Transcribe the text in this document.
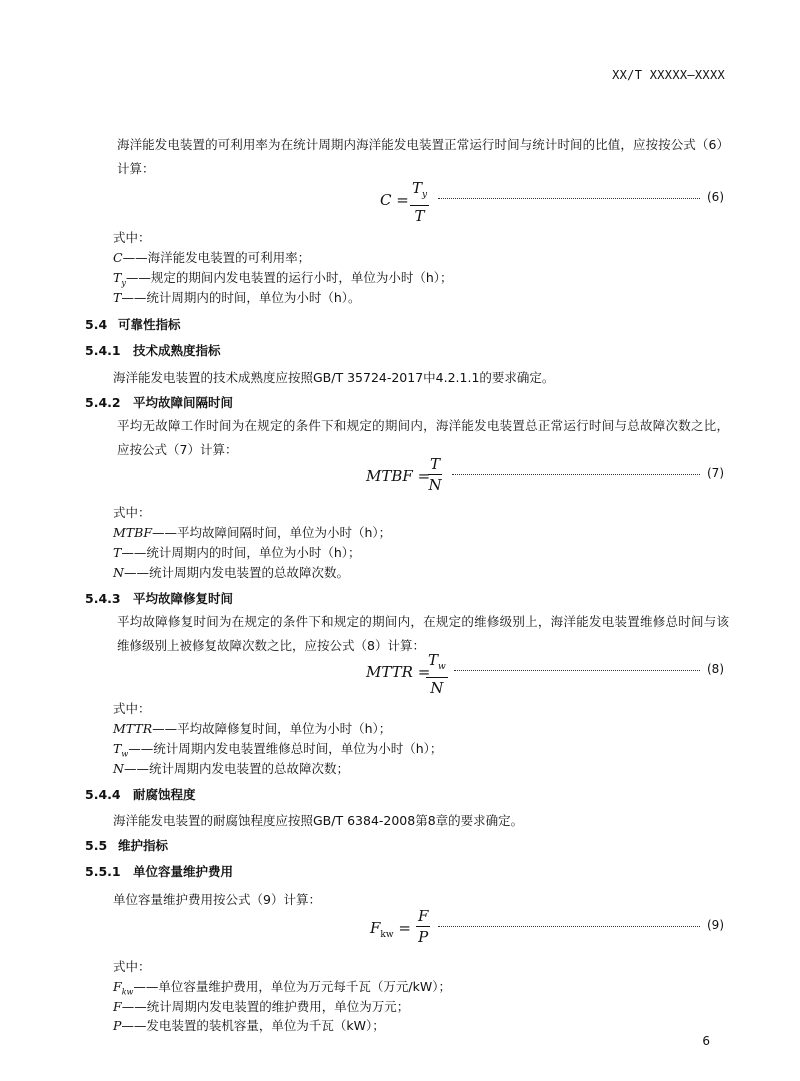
XX/T XXXXX—XXXX
海洋能发电装置的可利用率为在统计周期内海洋能发电装置正常运行时间与统计时间的比值，应按按公式（6）计算：
$C = \frac{T_y}{T}$	(6)
式中：
C——海洋能发电装置的可利用率；
$T_y——$规定的期间内发电装置的运行小时，单位为小时（h）；
T——统计周期内的时间，单位为小时（h）。
5.4 可靠性指标
5.4.1 技术成熟度指标
海洋能发电装置的技术成熟度应按照GB/T 35724-2017中4.2.1.1的要求确定。
5.4.2 平均故障间隔时间
平均无故障工作时间为在规定的条件下和规定的期间内，海洋能发电装置总正常运行时间与总故障次数之比，应按公式（7）计算：
MTBF =
$\frac{T}{N}$	(7)
式中：
MTBF——平均故障间隔时间，单位为小时（h）；
T——统计周期内的时间，单位为小时（h）；
N——统计周期内发电装置的总故障次数。
5.4.3 平均故障修复时间
平均故障修复时间为在规定的条件下和规定的期间内，在规定的维修级别上，海洋能发电装置维修总时间与该维修级别上被修复故障次数之比，应按公式（8）计算：
MTTR =
$\frac{T_w}{N}$	(8)
式中：
MTTR——平均故障修复时间，单位为小时（h）；
$T_w——$统计周期内发电装置维修总时间，单位为小时（h）；
N——统计周期内发电装置的总故障次数；
5.4.4 耐腐蚀程度
海洋能发电装置的耐腐蚀程度应按照GB/T 6384-2008第8章的要求确定。
5.5 维护指标
5.5.1 单位容量维护费用
单位容量维护费用按公式（9）计算：
$F_{kw} = \frac{F}{P}$	(9)
式中：
$F_{kw}——$单位容量维护费用，单位为万元每千瓦（万元/kW）；
F——统计周期内发电装置的维护费用，单位为万元；
P——发电装置的装机容量，单位为千瓦（kW）；
6
